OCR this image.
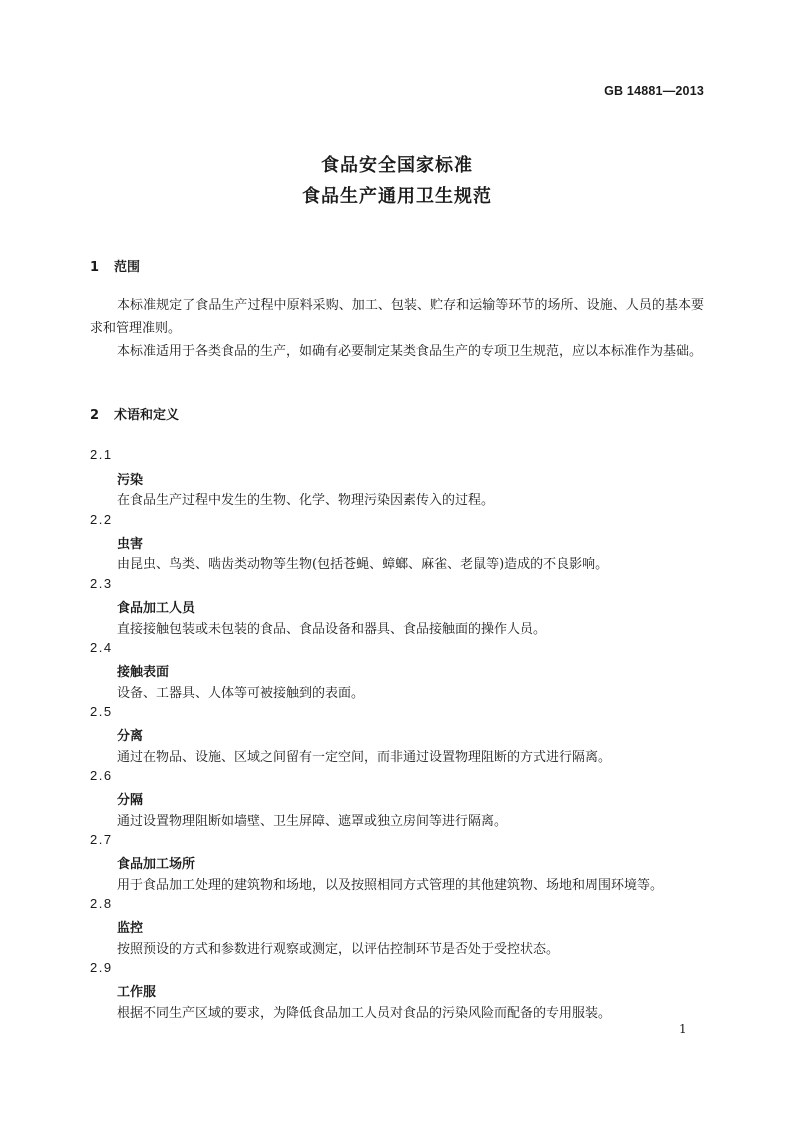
GB 14881—2013
食品安全国家标准
食品生产通用卫生规范
1 范围
本标准规定了食品生产过程中原料采购、加工、包装、贮存和运输等环节的场所、设施、人员的基本要求和管理准则。
本标准适用于各类食品的生产，如确有必要制定某类食品生产的专项卫生规范，应以本标准作为基础。
2 术语和定义
2.1
污染
在食品生产过程中发生的生物、化学、物理污染因素传入的过程。
2.2
虫害
由昆虫、鸟类、啮齿类动物等生物(包括苍蝇、蟑螂、麻雀、老鼠等)造成的不良影响。
2.3
食品加工人员
直接接触包装或未包装的食品、食品设备和器具、食品接触面的操作人员。
2.4
接触表面
设备、工器具、人体等可被接触到的表面。
2.5
分离
通过在物品、设施、区域之间留有一定空间，而非通过设置物理阻断的方式进行隔离。
2.6
分隔
通过设置物理阻断如墙壁、卫生屏障、遮罩或独立房间等进行隔离。
2.7
食品加工场所
用于食品加工处理的建筑物和场地，以及按照相同方式管理的其他建筑物、场地和周围环境等。
2.8
监控
按照预设的方式和参数进行观察或测定，以评估控制环节是否处于受控状态。
2.9
工作服
根据不同生产区域的要求，为降低食品加工人员对食品的污染风险而配备的专用服装。
1
